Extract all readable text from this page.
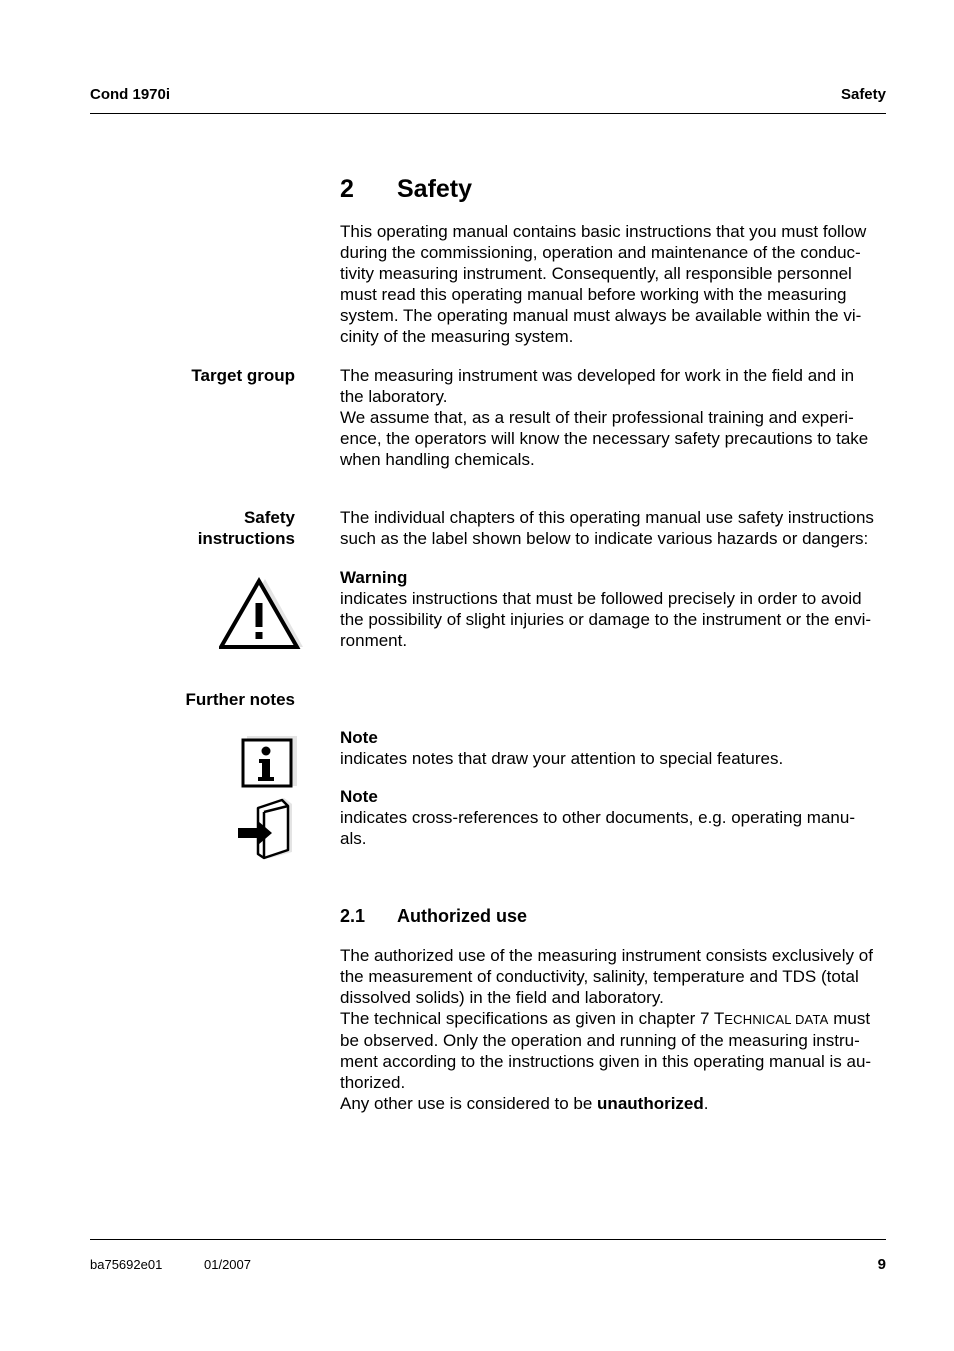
Cond 1970i	Safety
2 Safety
This operating manual contains basic instructions that you must follow
during the commissioning, operation and maintenance of the conduc-
tivity measuring instrument. Consequently, all responsible personnel
must read this operating manual before working with the measuring
system. The operating manual must always be available within the vi-
cinity of the measuring system.
Target group	The measuring instrument was developed for work in the field and in
the laboratory.
We assume that, as a result of their professional training and experi-
ence, the operators will know the necessary safety precautions to take
when handling chemicals.
Safety
instructions
The individual chapters of this operating manual use safety instructions
such as the label shown below to indicate various hazards or dangers:
Warning
indicates instructions that must be followed precisely in order to avoid
the possibility of slight injuries or damage to the instrument or the envi-
ronment.
Further notes
Note
indicates notes that draw your attention to special features.
Note
indicates cross-references to other documents, e.g. operating manu-
als.
2.1 Authorized use
The authorized use of the measuring instrument consists exclusively of
the measurement of conductivity, salinity, temperature and TDS (total
dissolved solids) in the field and laboratory.
The technical specifications as given in chapter 7 TECHNICAL DATA must
be observed. Only the operation and running of the measuring instru-
ment according to the instructions given in this operating manual is au-
thorized.
Any other use is considered to be unauthorized.
ba75692e01	01/2007	9
